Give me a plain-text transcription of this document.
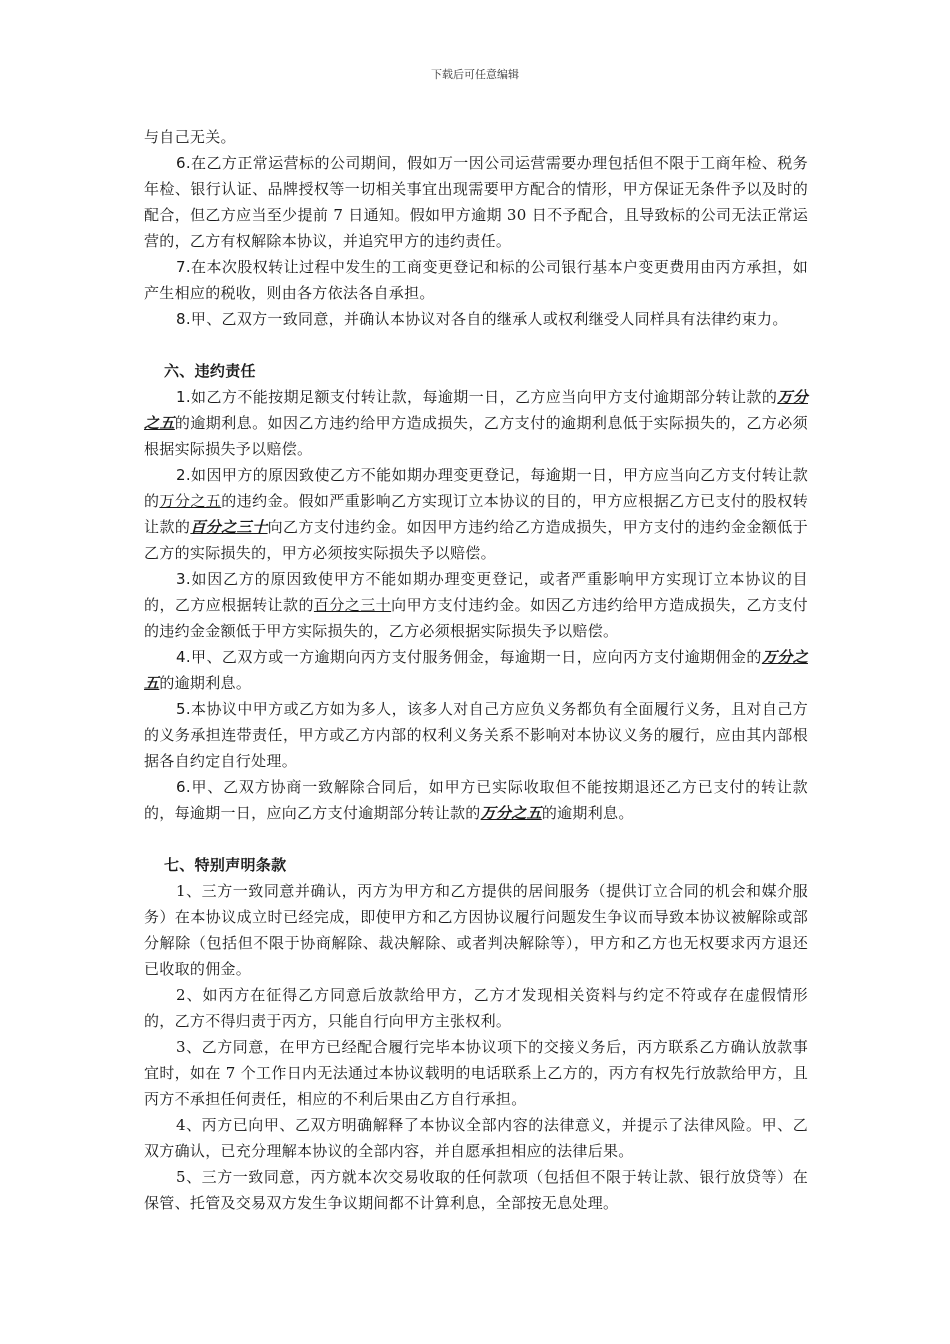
下载后可任意编辑

与自己无关。

6.在乙方正常运营标的公司期间，假如万一因公司运营需要办理包括但不限于工商年检、税务年检、银行认证、品牌授权等一切相关事宜出现需要甲方配合的情形，甲方保证无条件予以及时的配合，但乙方应当至少提前 7 日通知。假如甲方逾期 30 日不予配合，且导致标的公司无法正常运营的，乙方有权解除本协议，并追究甲方的违约责任。

7.在本次股权转让过程中发生的工商变更登记和标的公司银行基本户变更费用由丙方承担，如产生相应的税收，则由各方依法各自承担。

8.甲、乙双方一致同意，并确认本协议对各自的继承人或权利继受人同样具有法律约束力。

六、违约责任

1.如乙方不能按期足额支付转让款，每逾期一日，乙方应当向甲方支付逾期部分转让款的万分之五的逾期利息。如因乙方违约给甲方造成损失，乙方支付的逾期利息低于实际损失的，乙方必须根据实际损失予以赔偿。

2.如因甲方的原因致使乙方不能如期办理变更登记，每逾期一日，甲方应当向乙方支付转让款的万分之五的违约金。假如严重影响乙方实现订立本协议的目的，甲方应根据乙方已支付的股权转让款的百分之三十向乙方支付违约金。如因甲方违约给乙方造成损失，甲方支付的违约金金额低于乙方的实际损失的，甲方必须按实际损失予以赔偿。

3.如因乙方的原因致使甲方不能如期办理变更登记，或者严重影响甲方实现订立本协议的目的，乙方应根据转让款的百分之三十向甲方支付违约金。如因乙方违约给甲方造成损失，乙方支付的违约金金额低于甲方实际损失的，乙方必须根据实际损失予以赔偿。

4.甲、乙双方或一方逾期向丙方支付服务佣金，每逾期一日，应向丙方支付逾期佣金的万分之五的逾期利息。

5.本协议中甲方或乙方如为多人，该多人对自己方应负义务都负有全面履行义务，且对自己方的义务承担连带责任，甲方或乙方内部的权利义务关系不影响对本协议义务的履行，应由其内部根据各自约定自行处理。

6.甲、乙双方协商一致解除合同后，如甲方已实际收取但不能按期退还乙方已支付的转让款的，每逾期一日，应向乙方支付逾期部分转让款的万分之五的逾期利息。

七、特别声明条款

1、三方一致同意并确认，丙方为甲方和乙方提供的居间服务（提供订立合同的机会和媒介服务）在本协议成立时已经完成，即使甲方和乙方因协议履行问题发生争议而导致本协议被解除或部分解除（包括但不限于协商解除、裁决解除、或者判决解除等），甲方和乙方也无权要求丙方退还已收取的佣金。

2、如丙方在征得乙方同意后放款给甲方，乙方才发现相关资料与约定不符或存在虚假情形的，乙方不得归责于丙方，只能自行向甲方主张权利。

3、乙方同意，在甲方已经配合履行完毕本协议项下的交接义务后，丙方联系乙方确认放款事宜时，如在 7 个工作日内无法通过本协议载明的电话联系上乙方的，丙方有权先行放款给甲方，且丙方不承担任何责任，相应的不利后果由乙方自行承担。

4、丙方已向甲、乙双方明确解释了本协议全部内容的法律意义，并提示了法律风险。甲、乙双方确认，已充分理解本协议的全部内容，并自愿承担相应的法律后果。

5、三方一致同意，丙方就本次交易收取的任何款项（包括但不限于转让款、银行放贷等）在保管、托管及交易双方发生争议期间都不计算利息，全部按无息处理。
